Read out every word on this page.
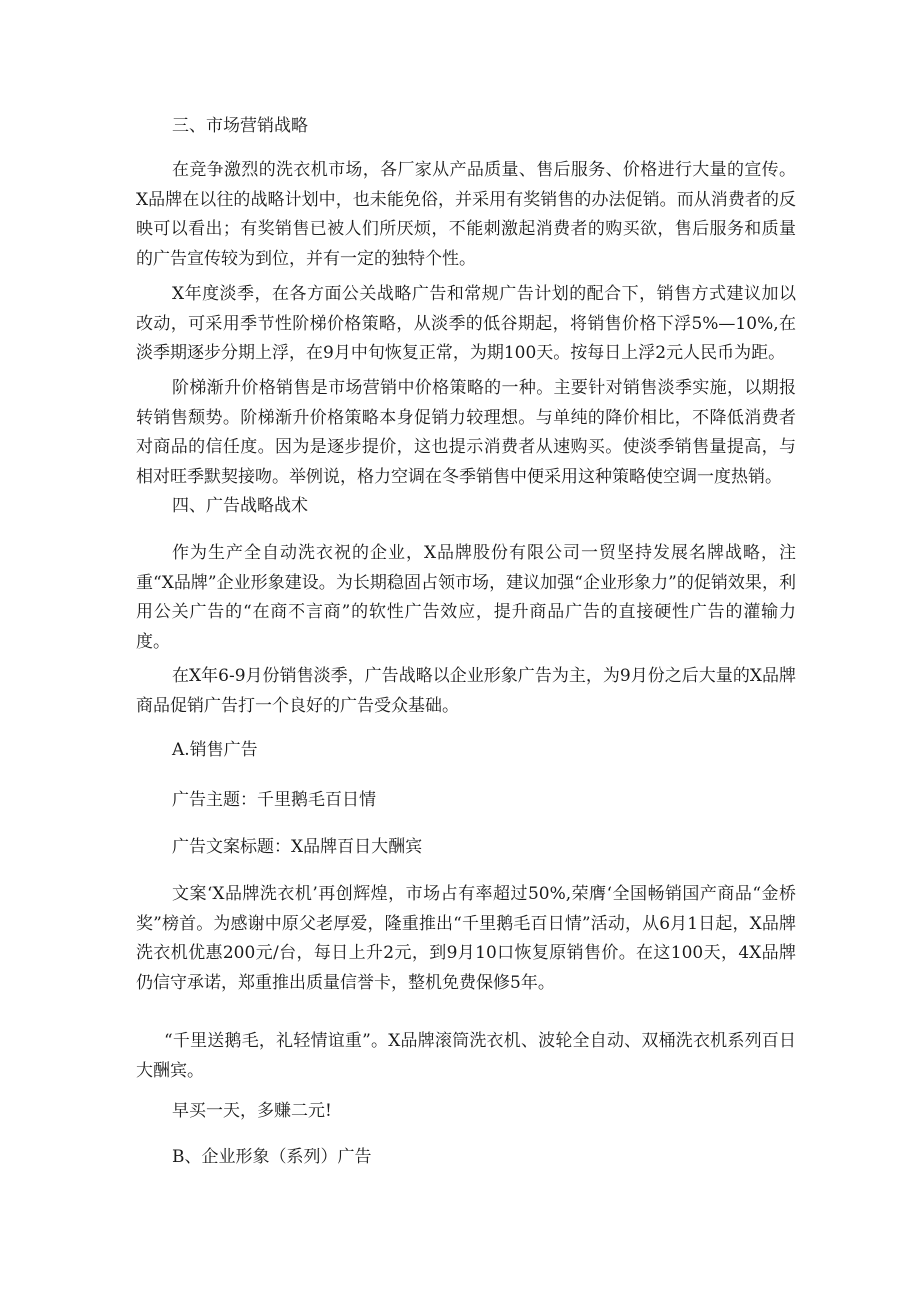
三、市场营销战略

在竞争激烈的洗衣机市场，各厂家从产品质量、售后服务、价格进行大量的宣传。X品牌在以往的战略计划中，也未能免俗，并采用有奖销售的办法促销。而从消费者的反映可以看出；有奖销售已被人们所厌烦，不能刺激起消费者的购买欲，售后服务和质量的广告宣传较为到位，并有一定的独特个性。

X年度淡季，在各方面公关战略广告和常规广告计划的配合下，销售方式建议加以改动，可采用季节性阶梯价格策略，从淡季的低谷期起，将销售价格下浮5%—10%,在淡季期逐步分期上浮，在9月中旬恢复正常，为期100天。按每日上浮2元人民币为距。

阶梯渐升价格销售是市场营销中价格策略的一种。主要针对销售淡季实施，以期报转销售颓势。阶梯渐升价格策略本身促销力较理想。与单纯的降价相比，不降低消费者对商品的信任度。因为是逐步提价，这也提示消费者从速购买。使淡季销售量提高，与相对旺季默契接吻。举例说，格力空调在冬季销售中便采用这种策略使空调一度热销。

四、广告战略战术

作为生产全自动洗衣祝的企业，X品牌股份有限公司一贸坚持发展名牌战略，注重“X品牌”企业形象建设。为长期稳固占领市场，建议加强“企业形象力”的促销效果，利用公关广告的“在商不言商”的软性广告效应，提升商品广告的直接硬性广告的灌输力度。

在X年6-9月份销售淡季，广告战略以企业形象广告为主，为9月份之后大量的X品牌商品促销广告打一个良好的广告受众基础。

A.销售广告

广告主题：千里鹅毛百日情

广告文案标题：X品牌百日大酬宾

文案‘X品牌洗衣机’再创辉煌，市场占有率超过50%,荣膺‘全国畅销国产商品“金桥奖”榜首。为感谢中原父老厚爱，隆重推出“千里鹅毛百日情”活动，从6月1日起，X品牌洗衣机优惠200元/台，每日上升2元，到9月10口恢复原销售价。在这100天，4X品牌仍信守承诺，郑重推出质量信誉卡，整机免费保修5年。

“千里送鹅毛，礼轻情谊重”。X品牌滚筒洗衣机、波轮全自动、双桶洗衣机系列百日大酬宾。

早买一天，多赚二元!

B、企业形象（系列）广告
